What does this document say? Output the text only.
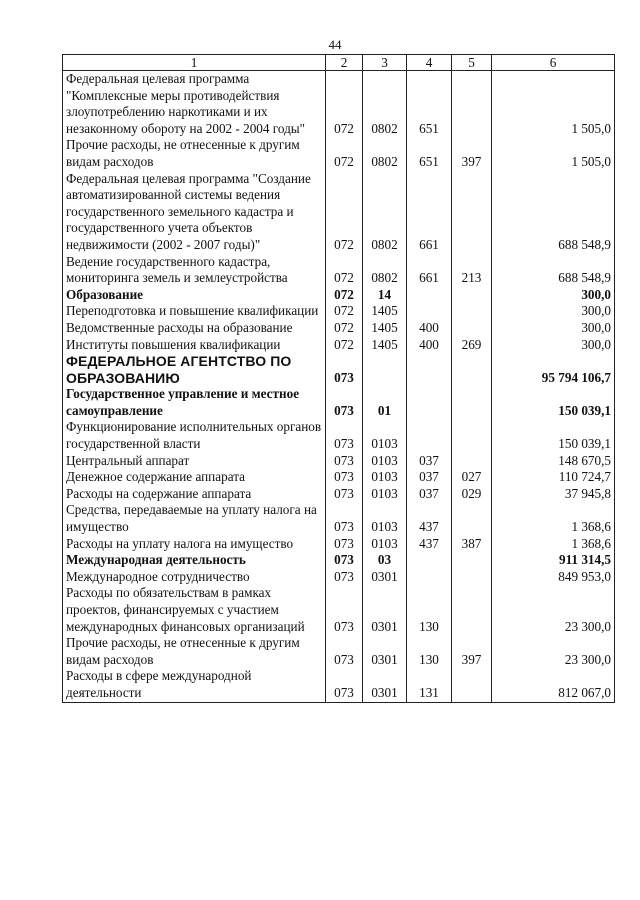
44
1	2	3	4	5	6
Федеральная целевая программа "Комплексные меры противодействия злоупотреблению наркотиками и их незаконному обороту на 2002 - 2004 годы"	072	0802	651		1 505,0
Прочие расходы, не отнесенные к другим видам расходов	072	0802	651	397	1 505,0
Федеральная целевая программа "Создание автоматизированной системы ведения государственного земельного кадастра и государственного учета объектов недвижимости (2002 - 2007 годы)"	072	0802	661		688 548,9
Ведение государственного кадастра, мониторинга земель и землеустройства	072	0802	661	213	688 548,9
Образование	072	14			300,0
Переподготовка и повышение квалификации	072	1405			300,0
Ведомственные расходы на образование	072	1405	400		300,0
Институты повышения квалификации	072	1405	400	269	300,0
ФЕДЕРАЛЬНОЕ АГЕНТСТВО ПО ОБРАЗОВАНИЮ	073				95 794 106,7
Государственное управление и местное самоуправление	073	01			150 039,1
Функционирование исполнительных органов государственной власти	073	0103			150 039,1
Центральный аппарат	073	0103	037		148 670,5
Денежное содержание аппарата	073	0103	037	027	110 724,7
Расходы на содержание аппарата	073	0103	037	029	37 945,8
Средства, передаваемые на уплату налога на имущество	073	0103	437		1 368,6
Расходы на уплату налога на имущество	073	0103	437	387	1 368,6
Международная деятельность	073	03			911 314,5
Международное сотрудничество	073	0301			849 953,0
Расходы по обязательствам в рамках проектов, финансируемых с участием международных финансовых организаций	073	0301	130		23 300,0
Прочие расходы, не отнесенные к другим видам расходов	073	0301	130	397	23 300,0
Расходы в сфере международной деятельности	073	0301	131		812 067,0
